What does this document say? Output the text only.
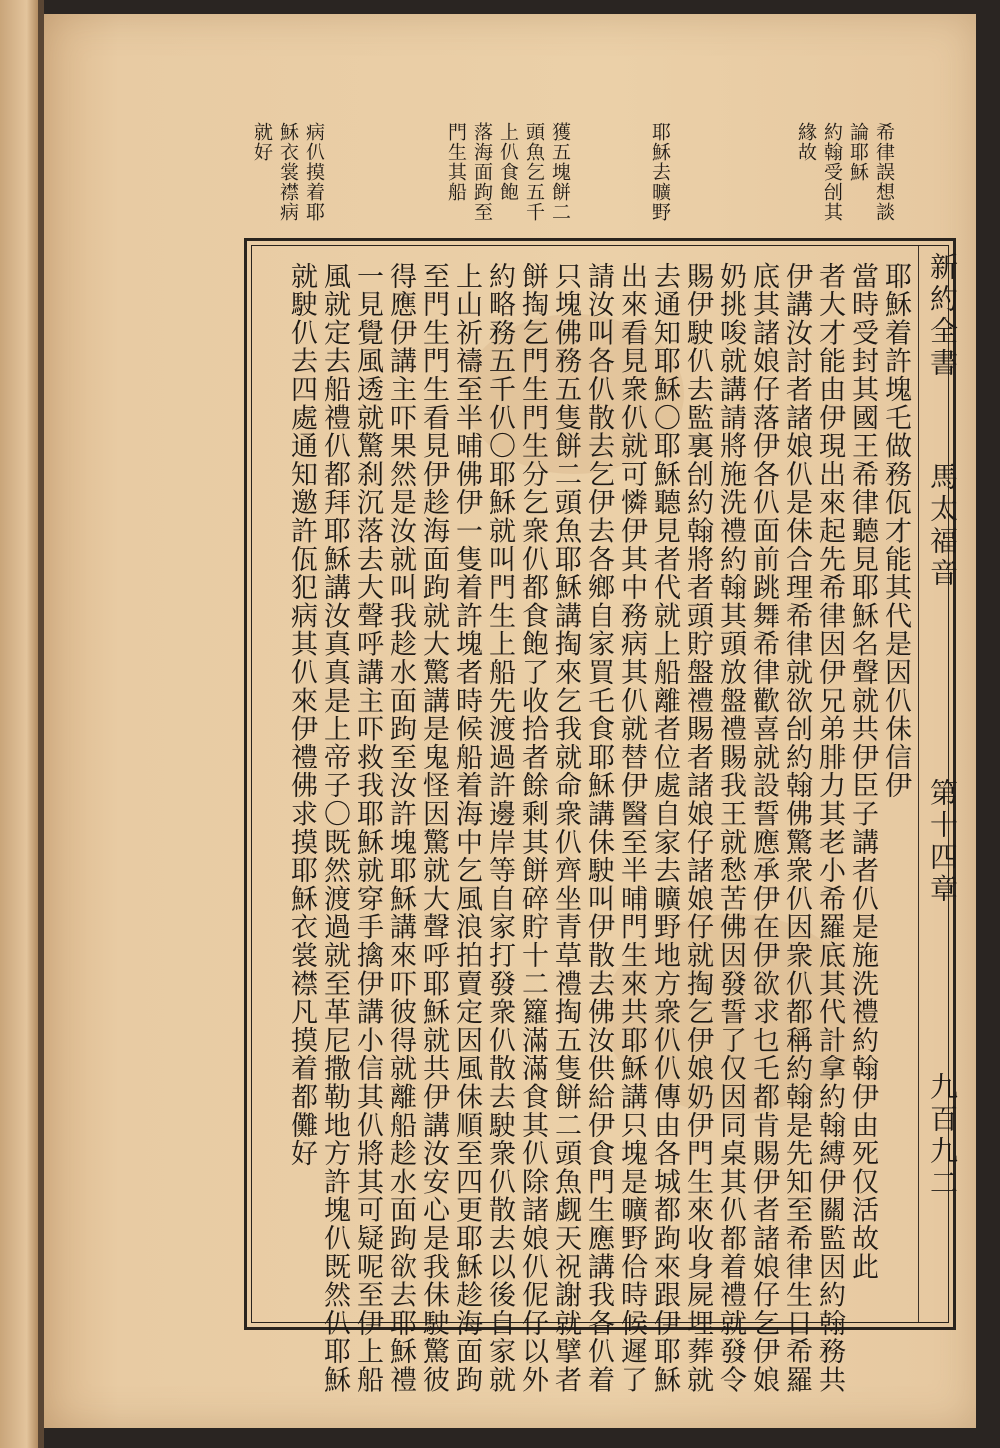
希律誤想談
論耶穌
約翰受刣其
緣故
耶穌去曠野
獲五塊餅二
頭魚乞五千
上仈食飽
落海面跔至
門生其船
病仈摸着耶
穌衣裳襟病
就好
新約全書
馬太福音
第十四章
九百九二
耶穌着許塊乇做務佤才能其代是因仈佅信伊
當時受封其國王希律聽見耶穌名聲就共伊臣子講者仈是施洗禮約翰伊由死仅活故此
者大才能由伊現出來起先希律因伊兄弟腓力其老小希羅底其代計拿約翰縛伊關監因約翰務共
伊講汝討者諸娘仈是佅合理希律就欲刣約翰佛驚衆仈因衆仈都稱約翰是先知至希律生日希羅
底其諸娘仔落伊各仈面前跳舞希律歡喜就設誓應承伊在伊欲求乜乇都肯賜伊者諸娘仔乞伊娘
奶挑唆就講請將施洗禮約翰其頭放盤禮賜我王就愁苦佛因發誓了仅因同桌其仈都着禮就發令
賜伊駛仈去監裏刣約翰將者頭貯盤禮賜者諸娘仔諸娘仔就掏乞伊娘奶伊門生來收身屍埋葬就
去通知耶穌〇耶穌聽見者代就上船離者位處自家去曠野地方衆仈仈傳由各城都跔來跟伊耶穌
出來看見衆仈就可憐伊其中務病其仈就替伊醫至半晡門生來共耶穌講只塊是曠野佮時候遲了
請汝叫各仈散去乞伊去各鄉自家買乇食耶穌講佅駛叫伊散去佛汝供給伊食門生應講我各仈着
只塊佛務五隻餅二頭魚耶穌講掏來乞我就命衆仈齊坐青草禮掏五隻餅二頭魚觑天祝謝就擘者
餅掏乞門生門生分乞衆仈都食飽了收拾者餘剩其餅碎貯十二籮滿滿食其仈除諸娘仈伲仔以外
約略務五千仈〇耶穌就叫門生上船先渡過許邊岸等自家打發衆仈散去駛衆仈散去以後自家就
上山祈禱至半晡佛伊一隻着許塊者時候船着海中乞風浪拍賣定因風佅順至四更耶穌趁海面跔
至門生門生看見伊趁海面跔就大驚講是鬼怪因驚就大聲呼耶穌就共伊講汝安心是我佅駛驚彼
得應伊講主吓果然是汝就叫我趁水面跔至汝許塊耶穌講來吓彼得就離船趁水面跔欲去耶穌禮
一見覺風透就驚刹沉落去大聲呼講主吓救我耶穌就穿手擒伊講小信其仈將其可疑呢至伊上船
風就定去船禮仈都拜耶穌講汝真真是上帝子〇既然渡過就至革尼撒勒地方許塊仈既然仈耶穌
就駛仈去四處通知邀許佤犯病其仈來伊禮佛求摸耶穌衣裳襟凡摸着都儺好
